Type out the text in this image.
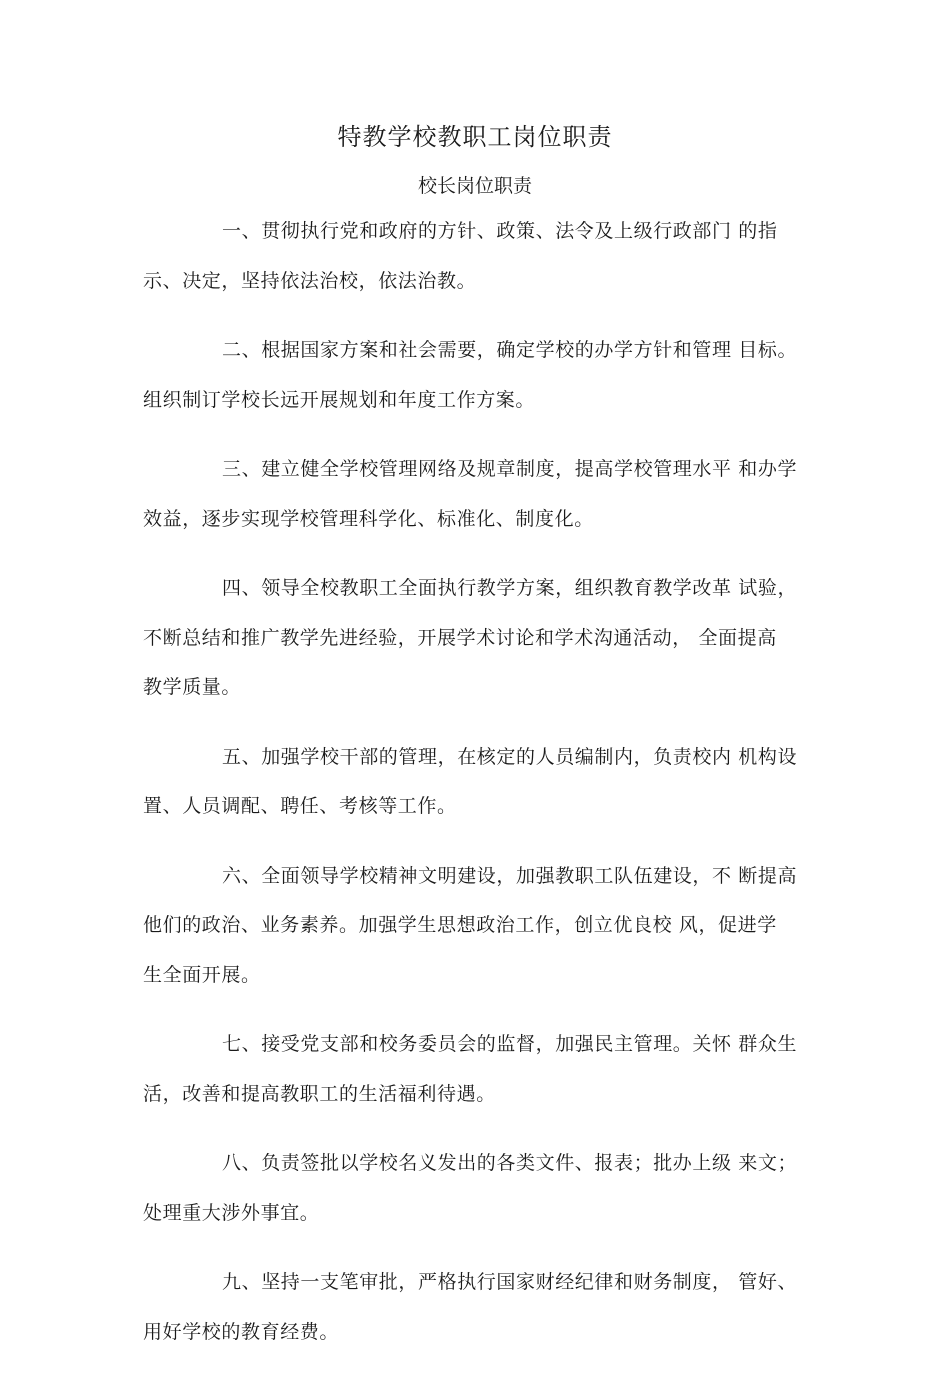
特教学校教职工岗位职责
校长岗位职责

一、贯彻执行党和政府的方针、政策、法令及上级行政部门 的指
示、决定，坚持依法治校，依法治教。

二、根据国家方案和社会需要，确定学校的办学方针和管理 目标。
组织制订学校长远开展规划和年度工作方案。

三、建立健全学校管理网络及规章制度，提高学校管理水平 和办学
效益，逐步实现学校管理科学化、标准化、制度化。

四、领导全校教职工全面执行教学方案，组织教育教学改革 试验，
不断总结和推广教学先进经验，开展学术讨论和学术沟通活动， 全面提高
教学质量。

五、加强学校干部的管理，在核定的人员编制内，负责校内 机构设
置、人员调配、聘任、考核等工作。

六、全面领导学校精神文明建设，加强教职工队伍建设，不 断提高
他们的政治、业务素养。加强学生思想政治工作，创立优良校 风，促进学
生全面开展。

七、接受党支部和校务委员会的监督，加强民主管理。关怀 群众生
活，改善和提高教职工的生活福利待遇。

八、负责签批以学校名义发出的各类文件、报表；批办上级 来文；
处理重大涉外事宜。

九、坚持一支笔审批，严格执行国家财经纪律和财务制度， 管好、
用好学校的教育经费。
